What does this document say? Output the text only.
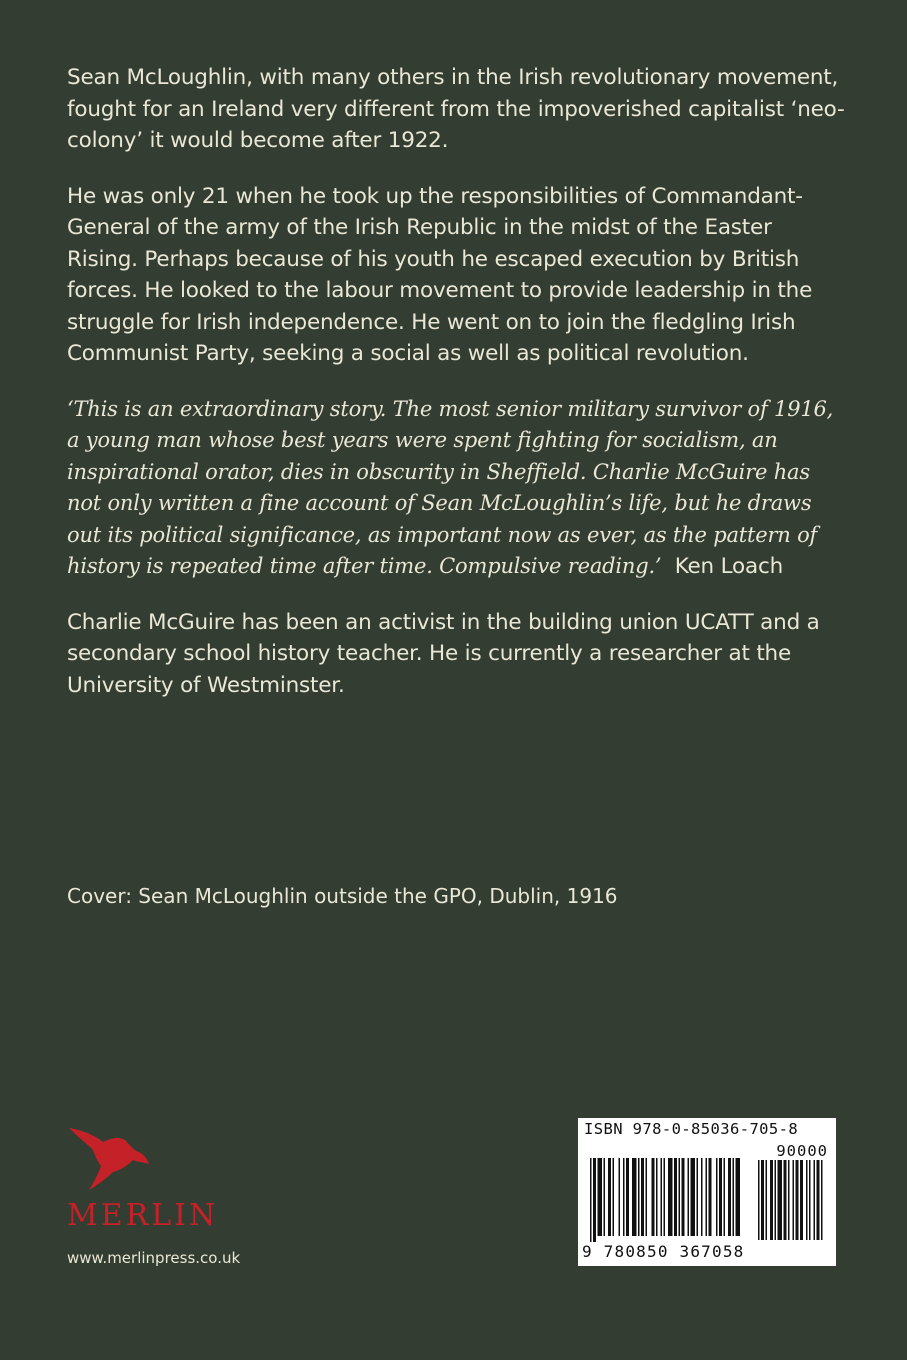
Sean McLoughlin, with many others in the Irish revolutionary movement, fought for an Ireland very different from the impoverished capitalist ‘neo-colony’ it would become after 1922.

He was only 21 when he took up the responsibilities of Commandant-General of the army of the Irish Republic in the midst of the Easter Rising. Perhaps because of his youth he escaped execution by British forces. He looked to the labour movement to provide leadership in the struggle for Irish independence. He went on to join the fledgling Irish Communist Party, seeking a social as well as political revolution.

‘This is an extraordinary story. The most senior military survivor of 1916, a young man whose best years were spent fighting for socialism, an inspirational orator, dies in obscurity in Sheffield. Charlie McGuire has not only written a fine account of Sean McLoughlin’s life, but he draws out its political significance, as important now as ever, as the pattern of history is repeated time after time. Compulsive reading.’ Ken Loach

Charlie McGuire has been an activist in the building union UCATT and a secondary school history teacher. He is currently a researcher at the University of Westminster.

Cover: Sean McLoughlin outside the GPO, Dublin, 1916
MERLIN
www.merlinpress.co.uk
ISBN 978-0-85036-705-8
90000
9 780850 367058
